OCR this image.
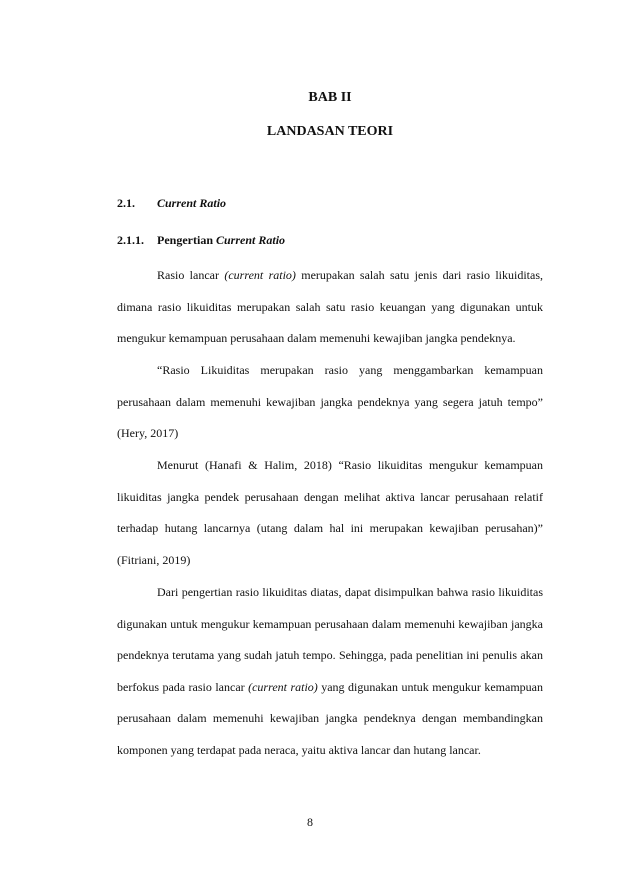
BAB II
LANDASAN TEORI
2.1. Current Ratio
2.1.1. Pengertian Current Ratio

Rasio lancar (current ratio) merupakan salah satu jenis dari rasio likuiditas, dimana rasio likuiditas merupakan salah satu rasio keuangan yang digunakan untuk mengukur kemampuan perusahaan dalam memenuhi kewajiban jangka pendeknya.

“Rasio Likuiditas merupakan rasio yang menggambarkan kemampuan perusahaan dalam memenuhi kewajiban jangka pendeknya yang segera jatuh tempo” (Hery, 2017)

Menurut (Hanafi & Halim, 2018) “Rasio likuiditas mengukur kemampuan likuiditas jangka pendek perusahaan dengan melihat aktiva lancar perusahaan relatif terhadap hutang lancarnya (utang dalam hal ini merupakan kewajiban perusahan)” (Fitriani, 2019)

Dari pengertian rasio likuiditas diatas, dapat disimpulkan bahwa rasio likuiditas digunakan untuk mengukur kemampuan perusahaan dalam memenuhi kewajiban jangka pendeknya terutama yang sudah jatuh tempo. Sehingga, pada penelitian ini penulis akan berfokus pada rasio lancar (current ratio) yang digunakan untuk mengukur kemampuan perusahaan dalam memenuhi kewajiban jangka pendeknya dengan membandingkan komponen yang terdapat pada neraca, yaitu aktiva lancar dan hutang lancar.

8
